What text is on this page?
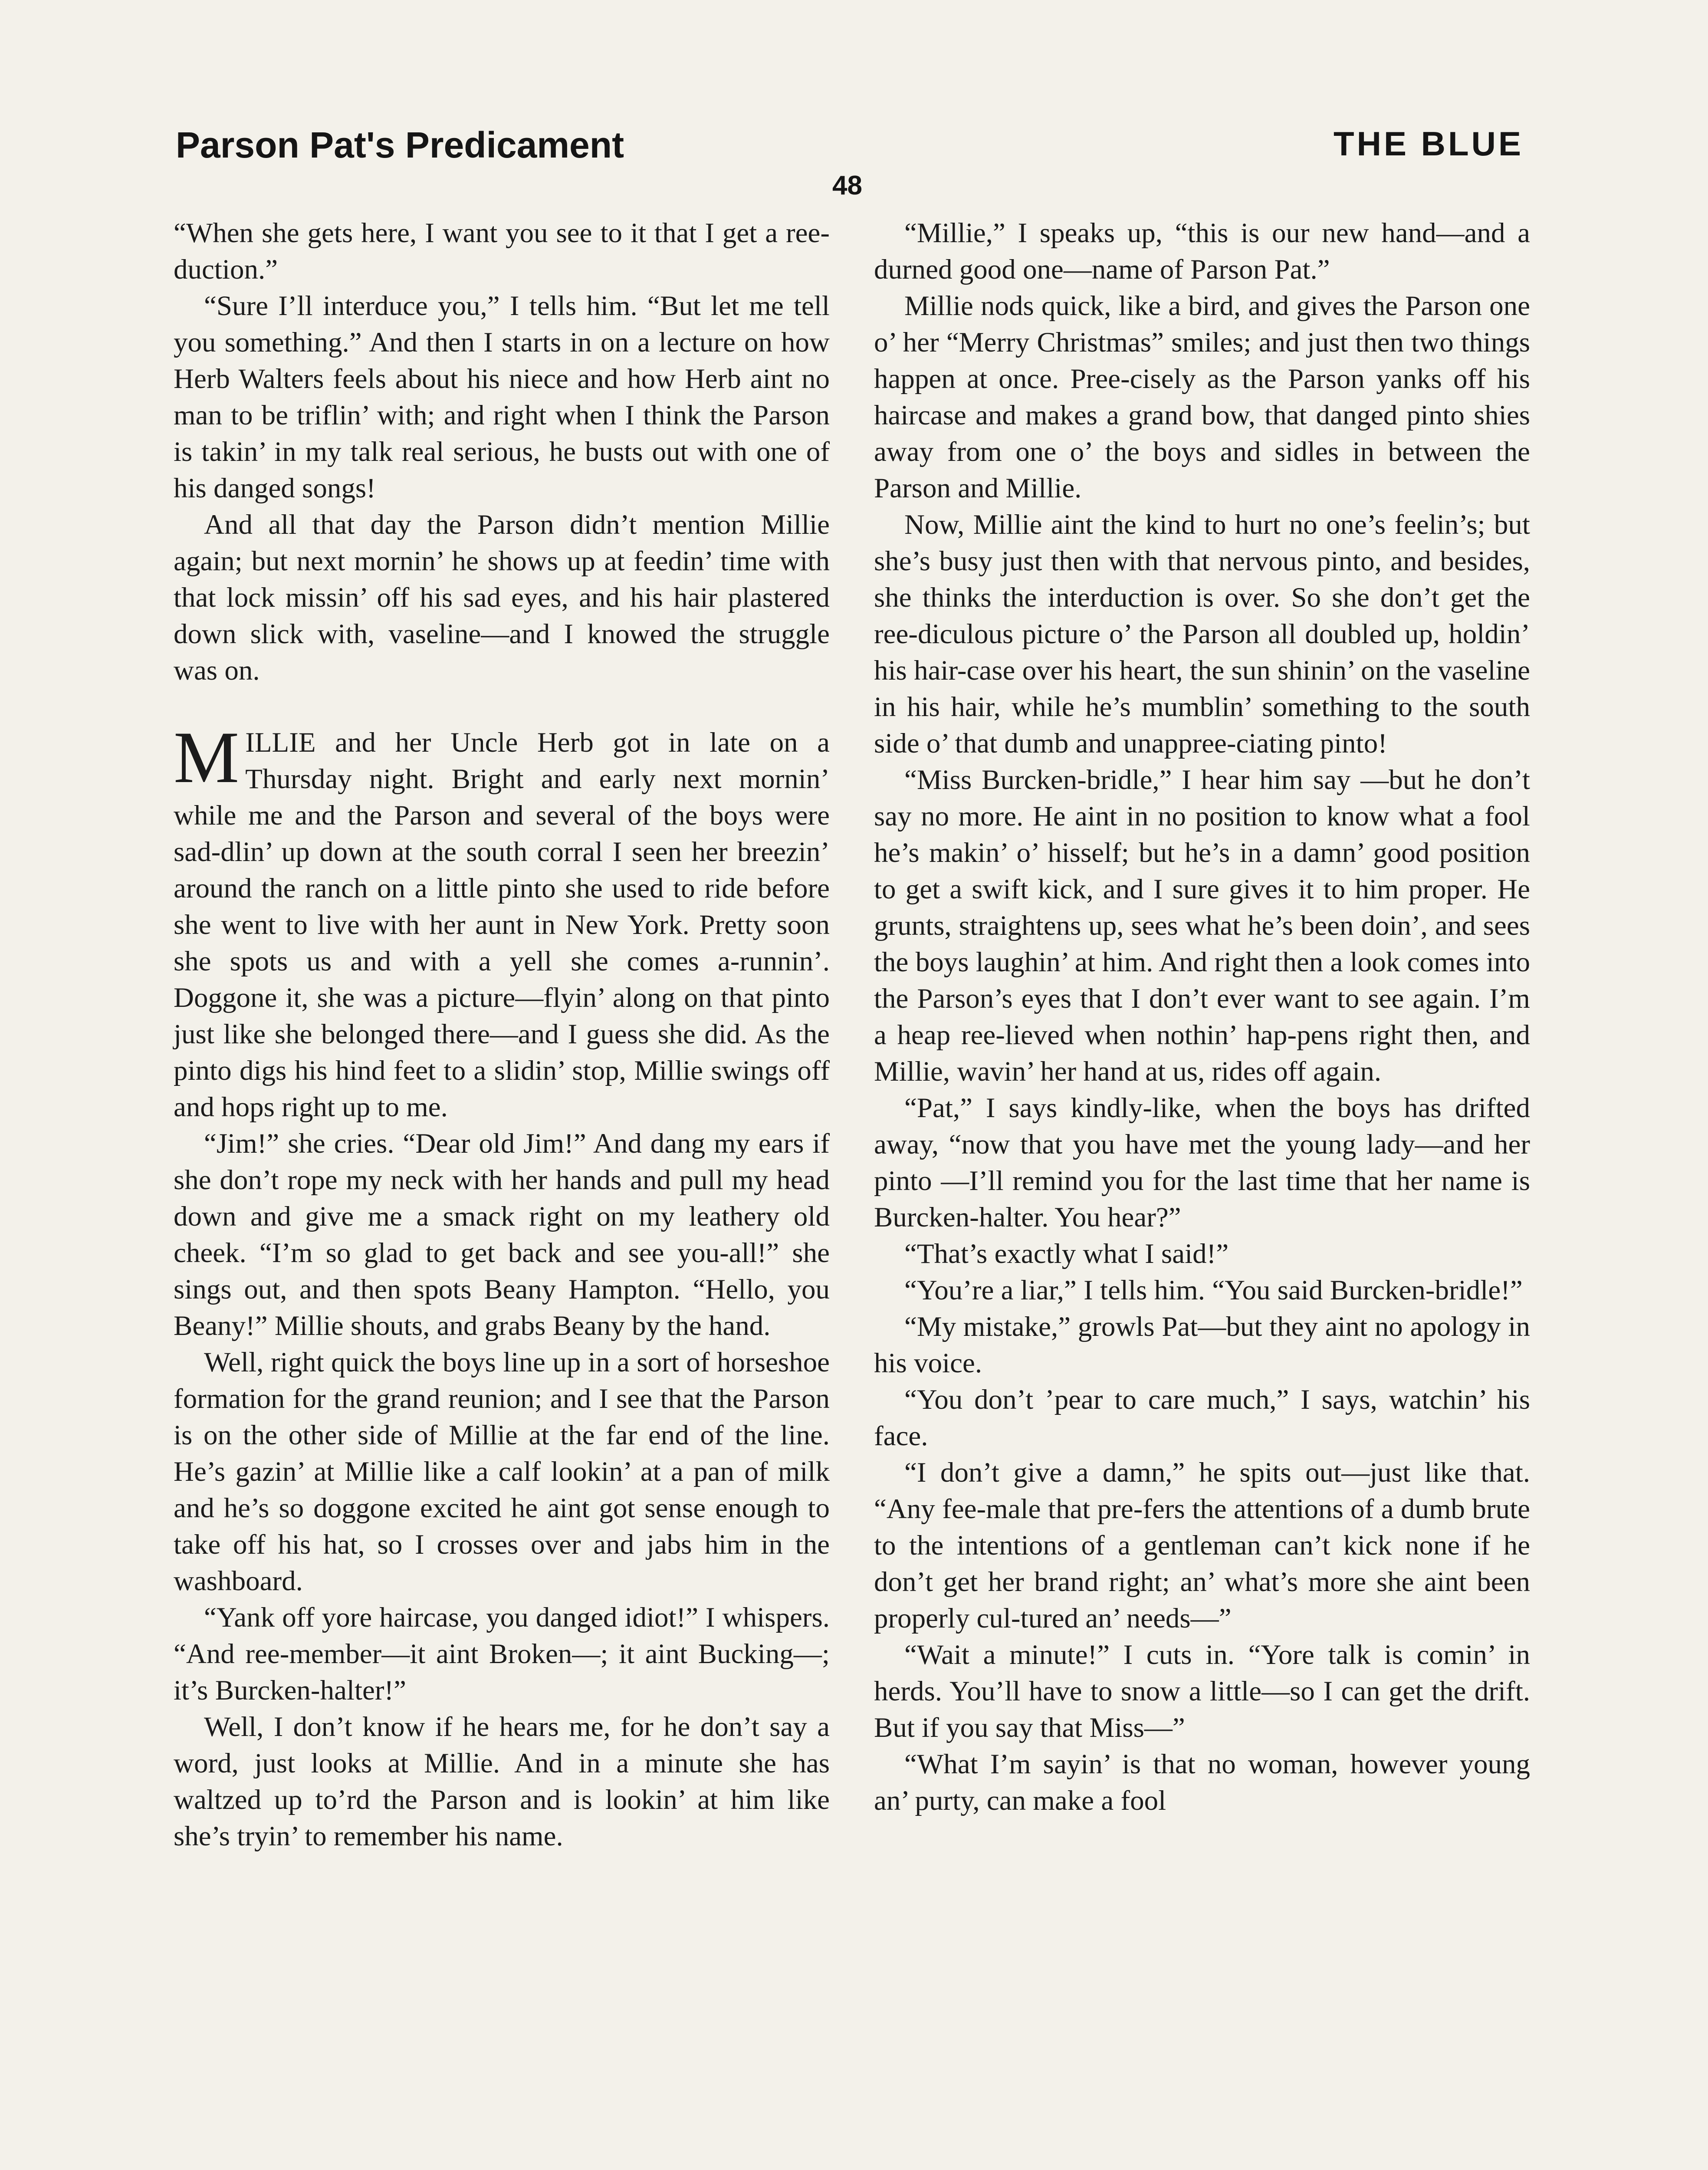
Parson Pat's Predicament	THE BLUE
48

“When she gets here, I want you see to it that I get a ree-duction.”

“Sure I’ll interduce you,” I tells him. “But let me tell you something.” And then I starts in on a lecture on how Herb Walters feels about his niece and how Herb aint no man to be triflin’ with; and right when I think the Parson is takin’ in my talk real serious, he busts out with one of his danged songs!

And all that day the Parson didn’t mention Millie again; but next mornin’ he shows up at feedin’ time with that lock missin’ off his sad eyes, and his hair plastered down slick with, vaseline—and I knowed the struggle was on.

MILLIE and her Uncle Herb got in late on a Thursday night. Bright and early next mornin’ while me and the Parson and several of the boys were sad-dlin’ up down at the south corral I seen her breezin’ around the ranch on a little pinto she used to ride before she went to live with her aunt in New York. Pretty soon she spots us and with a yell she comes a-runnin’. Doggone it, she was a picture—flyin’ along on that pinto just like she belonged there—and I guess she did. As the pinto digs his hind feet to a slidin’ stop, Millie swings off and hops right up to me.

“Jim!” she cries. “Dear old Jim!” And dang my ears if she don’t rope my neck with her hands and pull my head down and give me a smack right on my leathery old cheek. “I’m so glad to get back and see you-all!” she sings out, and then spots Beany Hampton. “Hello, you Beany!” Millie shouts, and grabs Beany by the hand.

Well, right quick the boys line up in a sort of horseshoe formation for the grand reunion; and I see that the Parson is on the other side of Millie at the far end of the line. He’s gazin’ at Millie like a calf lookin’ at a pan of milk and he’s so doggone excited he aint got sense enough to take off his hat, so I crosses over and jabs him in the washboard.

“Yank off yore haircase, you danged idiot!” I whispers. “And ree-member—it aint Broken—; it aint Bucking—; it’s Burcken-halter!”

Well, I don’t know if he hears me, for he don’t say a word, just looks at Millie. And in a minute she has waltzed up to’rd the Parson and is lookin’ at him like she’s tryin’ to remember his name.

“Millie,” I speaks up, “this is our new hand—and a durned good one—name of Parson Pat.”

Millie nods quick, like a bird, and gives the Parson one o’ her “Merry Christmas” smiles; and just then two things happen at once. Pree-cisely as the Parson yanks off his haircase and makes a grand bow, that danged pinto shies away from one o’ the boys and sidles in between the Parson and Millie.

Now, Millie aint the kind to hurt no one’s feelin’s; but she’s busy just then with that nervous pinto, and besides, she thinks the interduction is over. So she don’t get the ree-diculous picture o’ the Parson all doubled up, holdin’ his hair-case over his heart, the sun shinin’ on the vaseline in his hair, while he’s mumblin’ something to the south side o’ that dumb and unappree-ciating pinto!

“Miss Burcken-bridle,” I hear him say —but he don’t say no more. He aint in no position to know what a fool he’s makin’ o’ hisself; but he’s in a damn’ good position to get a swift kick, and I sure gives it to him proper. He grunts, straightens up, sees what he’s been doin’, and sees the boys laughin’ at him. And right then a look comes into the Parson’s eyes that I don’t ever want to see again. I’m a heap ree-lieved when nothin’ hap-pens right then, and Millie, wavin’ her hand at us, rides off again.

“Pat,” I says kindly-like, when the boys has drifted away, “now that you have met the young lady—and her pinto —I’ll remind you for the last time that her name is Burcken-halter. You hear?”

“That’s exactly what I said!”

“You’re a liar,” I tells him. “You said Burcken-bridle!”

“My mistake,” growls Pat—but they aint no apology in his voice.

“You don’t ’pear to care much,” I says, watchin’ his face.

“I don’t give a damn,” he spits out—just like that. “Any fee-male that pre-fers the attentions of a dumb brute to the intentions of a gentleman can’t kick none if he don’t get her brand right; an’ what’s more she aint been properly cul-tured an’ needs—”

“Wait a minute!” I cuts in. “Yore talk is comin’ in herds. You’ll have to snow a little—so I can get the drift. But if you say that Miss—”

“What I’m sayin’ is that no woman, however young an’ purty, can make a fool
